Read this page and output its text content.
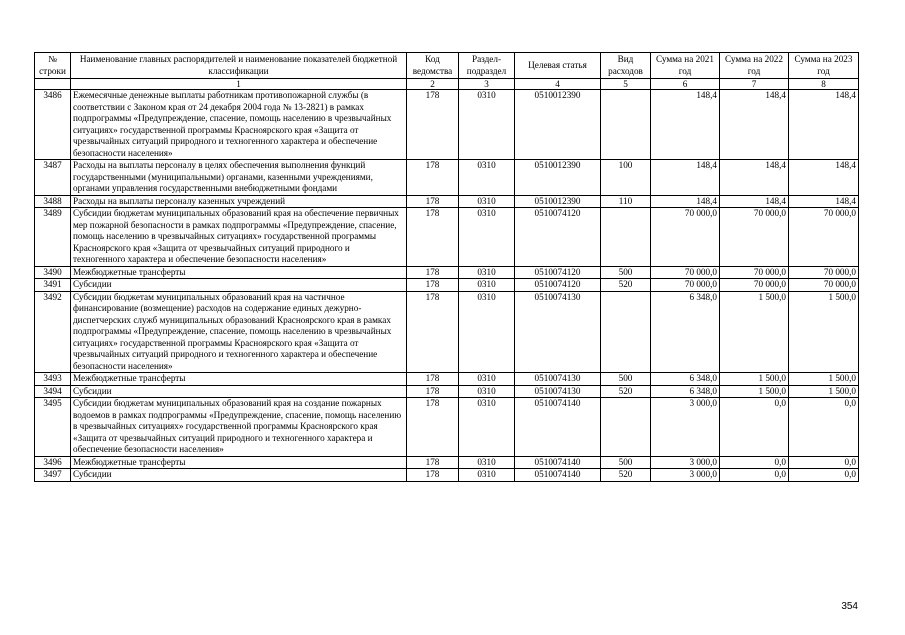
№ строки	Наименование главных распорядителей и наименование показателей бюджетной классификации	Код ведомства	Раздел-подраздел	Целевая статья	Вид расходов	Сумма на 2021 год	Сумма на 2022 год	Сумма на 2023 год
	1	2	3	4	5	6	7	8
3486	Ежемесячные денежные выплаты работникам противопожарной службы (в соответствии с Законом края от 24 декабря 2004 года № 13-2821) в рамках подпрограммы «Предупреждение, спасение, помощь населению в чрезвычайных ситуациях» государственной программы Красноярского края «Защита от чрезвычайных ситуаций природного и техногенного характера и обеспечение безопасности населения»	178	0310	0510012390		148,4	148,4	148,4
3487	Расходы на выплаты персоналу в целях обеспечения выполнения функций государственными (муниципальными) органами, казенными учреждениями, органами управления государственными внебюджетными фондами	178	0310	0510012390	100	148,4	148,4	148,4
3488	Расходы на выплаты персоналу казенных учреждений	178	0310	0510012390	110	148,4	148,4	148,4
3489	Субсидии бюджетам муниципальных образований края на обеспечение первичных мер пожарной безопасности в рамках подпрограммы «Предупреждение, спасение, помощь населению в чрезвычайных ситуациях» государственной программы Красноярского края «Защита от чрезвычайных ситуаций природного и техногенного характера и обеспечение безопасности населения»	178	0310	0510074120		70 000,0	70 000,0	70 000,0
3490	Межбюджетные трансферты	178	0310	0510074120	500	70 000,0	70 000,0	70 000,0
3491	Субсидии	178	0310	0510074120	520	70 000,0	70 000,0	70 000,0
3492	Субсидии бюджетам муниципальных образований края на частичное финансирование (возмещение) расходов на содержание единых дежурно-диспетчерских служб муниципальных образований Красноярского края в рамках подпрограммы «Предупреждение, спасение, помощь населению в чрезвычайных ситуациях» государственной программы Красноярского края «Защита от чрезвычайных ситуаций природного и техногенного характера и обеспечение безопасности населения»	178	0310	0510074130		6 348,0	1 500,0	1 500,0
3493	Межбюджетные трансферты	178	0310	0510074130	500	6 348,0	1 500,0	1 500,0
3494	Субсидии	178	0310	0510074130	520	6 348,0	1 500,0	1 500,0
3495	Субсидии бюджетам муниципальных образований края на создание пожарных водоемов в рамках подпрограммы «Предупреждение, спасение, помощь населению в чрезвычайных ситуациях» государственной программы Красноярского края «Защита от чрезвычайных ситуаций природного и техногенного характера и обеспечение безопасности населения»	178	0310	0510074140		3 000,0	0,0	0,0
3496	Межбюджетные трансферты	178	0310	0510074140	500	3 000,0	0,0	0,0
3497	Субсидии	178	0310	0510074140	520	3 000,0	0,0	0,0
354
